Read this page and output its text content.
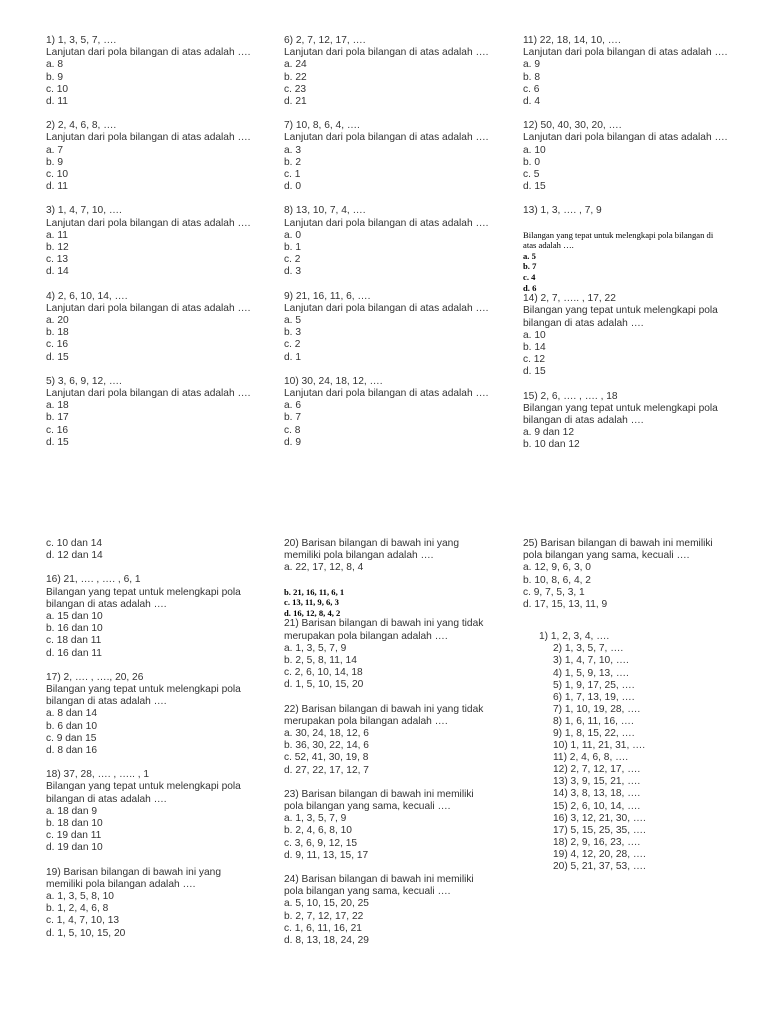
1) 1, 3, 5, 7, ….
Lanjutan dari pola bilangan di atas adalah ….
a. 8
b. 9
c. 10
d. 11
2) 2, 4, 6, 8, ….
Lanjutan dari pola bilangan di atas adalah ….
a. 7
b. 9
c. 10
d. 11
3) 1, 4, 7, 10, ….
Lanjutan dari pola bilangan di atas adalah ….
a. 11
b. 12
c. 13
d. 14
4) 2, 6, 10, 14, ….
Lanjutan dari pola bilangan di atas adalah ….
a. 20
b. 18
c. 16
d. 15
5) 3, 6, 9, 12, ….
Lanjutan dari pola bilangan di atas adalah ….
a. 18
b. 17
c. 16
d. 15
6) 2, 7, 12, 17, ….
Lanjutan dari pola bilangan di atas adalah ….
a. 24
b. 22
c. 23
d. 21
7) 10, 8, 6, 4, ….
Lanjutan dari pola bilangan di atas adalah ….
a. 3
b. 2
c. 1
d. 0
8) 13, 10, 7, 4, ….
Lanjutan dari pola bilangan di atas adalah ….
a. 0
b. 1
c. 2
d. 3
9) 21, 16, 11, 6, ….
Lanjutan dari pola bilangan di atas adalah ….
a. 5
b. 3
c. 2
d. 1
10) 30, 24, 18, 12, ….
Lanjutan dari pola bilangan di atas adalah ….
a. 6
b. 7
c. 8
d. 9
11) 22, 18, 14, 10, ….
Lanjutan dari pola bilangan di atas adalah ….
a. 9
b. 8
c. 6
d. 4
12) 50, 40, 30, 20, ….
Lanjutan dari pola bilangan di atas adalah ….
a. 10
b. 0
c. 5
d. 15
13) 1, 3, …. , 7, 9
Bilangan yang tepat untuk melengkapi pola bilangan di
atas adalah ….
a. 5
b. 7
c. 4
d. 6
14) 2, 7, ….. , 17, 22
Bilangan yang tepat untuk melengkapi pola
bilangan di atas adalah ….
a. 10
b. 14
c. 12
d. 15
15) 2, 6, …. , …. , 18
Bilangan yang tepat untuk melengkapi pola
bilangan di atas adalah ….
a. 9 dan 12
b. 10 dan 12
c. 10 dan 14
d. 12 dan 14
16) 21, …. , …. , 6, 1
Bilangan yang tepat untuk melengkapi pola
bilangan di atas adalah ….
a. 15 dan 10
b. 16 dan 10
c. 18 dan 11
d. 16 dan 11
17) 2, …. , …., 20, 26
Bilangan yang tepat untuk melengkapi pola
bilangan di atas adalah ….
a. 8 dan 14
b. 6 dan 10
c. 9 dan 15
d. 8 dan 16
18) 37, 28, …. , ….. , 1
Bilangan yang tepat untuk melengkapi pola
bilangan di atas adalah ….
a. 18 dan 9
b. 18 dan 10
c. 19 dan 11
d. 19 dan 10
19) Barisan bilangan di bawah ini yang
memiliki pola bilangan adalah ….
a. 1, 3, 5, 8, 10
b. 1, 2, 4, 6, 8
c. 1, 4, 7, 10, 13
d. 1, 5, 10, 15, 20
20) Barisan bilangan di bawah ini yang
memiliki pola bilangan adalah ….
a. 22, 17, 12, 8, 4
b. 21, 16, 11, 6, 1
c. 13, 11, 9, 6, 3
d. 16, 12, 8, 4, 2
21) Barisan bilangan di bawah ini yang tidak
merupakan pola bilangan adalah ….
a. 1, 3, 5, 7, 9
b. 2, 5, 8, 11, 14
c. 2, 6, 10, 14, 18
d. 1, 5, 10, 15, 20
22) Barisan bilangan di bawah ini yang tidak
merupakan pola bilangan adalah ….
a. 30, 24, 18, 12, 6
b. 36, 30, 22, 14, 6
c. 52, 41, 30, 19, 8
d. 27, 22, 17, 12, 7
23) Barisan bilangan di bawah ini memiliki
pola bilangan yang sama, kecuali ….
a. 1, 3, 5, 7, 9
b. 2, 4, 6, 8, 10
c. 3, 6, 9, 12, 15
d. 9, 11, 13, 15, 17
24) Barisan bilangan di bawah ini memiliki
pola bilangan yang sama, kecuali ….
a. 5, 10, 15, 20, 25
b. 2, 7, 12, 17, 22
c. 1, 6, 11, 16, 21
d. 8, 13, 18, 24, 29
25) Barisan bilangan di bawah ini memiliki
pola bilangan yang sama, kecuali ….
a. 12, 9, 6, 3, 0
b. 10, 8, 6, 4, 2
c. 9, 7, 5, 3, 1
d. 17, 15, 13, 11, 9
1) 1, 2, 3, 4, ….
2) 1, 3, 5, 7, ….
3) 1, 4, 7, 10, ….
4) 1, 5, 9, 13, ….
5) 1, 9, 17, 25, ….
6) 1, 7, 13, 19, ….
7) 1, 10, 19, 28, ….
8) 1, 6, 11, 16, ….
9) 1, 8, 15, 22, ….
10) 1, 11, 21, 31, ….
11) 2, 4, 6, 8, ….
12) 2, 7, 12, 17, ….
13) 3, 9, 15, 21, ….
14) 3, 8, 13, 18, ….
15) 2, 6, 10, 14, ….
16) 3, 12, 21, 30, ….
17) 5, 15, 25, 35, ….
18) 2, 9, 16, 23, ….
19) 4, 12, 20, 28, ….
20) 5, 21, 37, 53, ….
